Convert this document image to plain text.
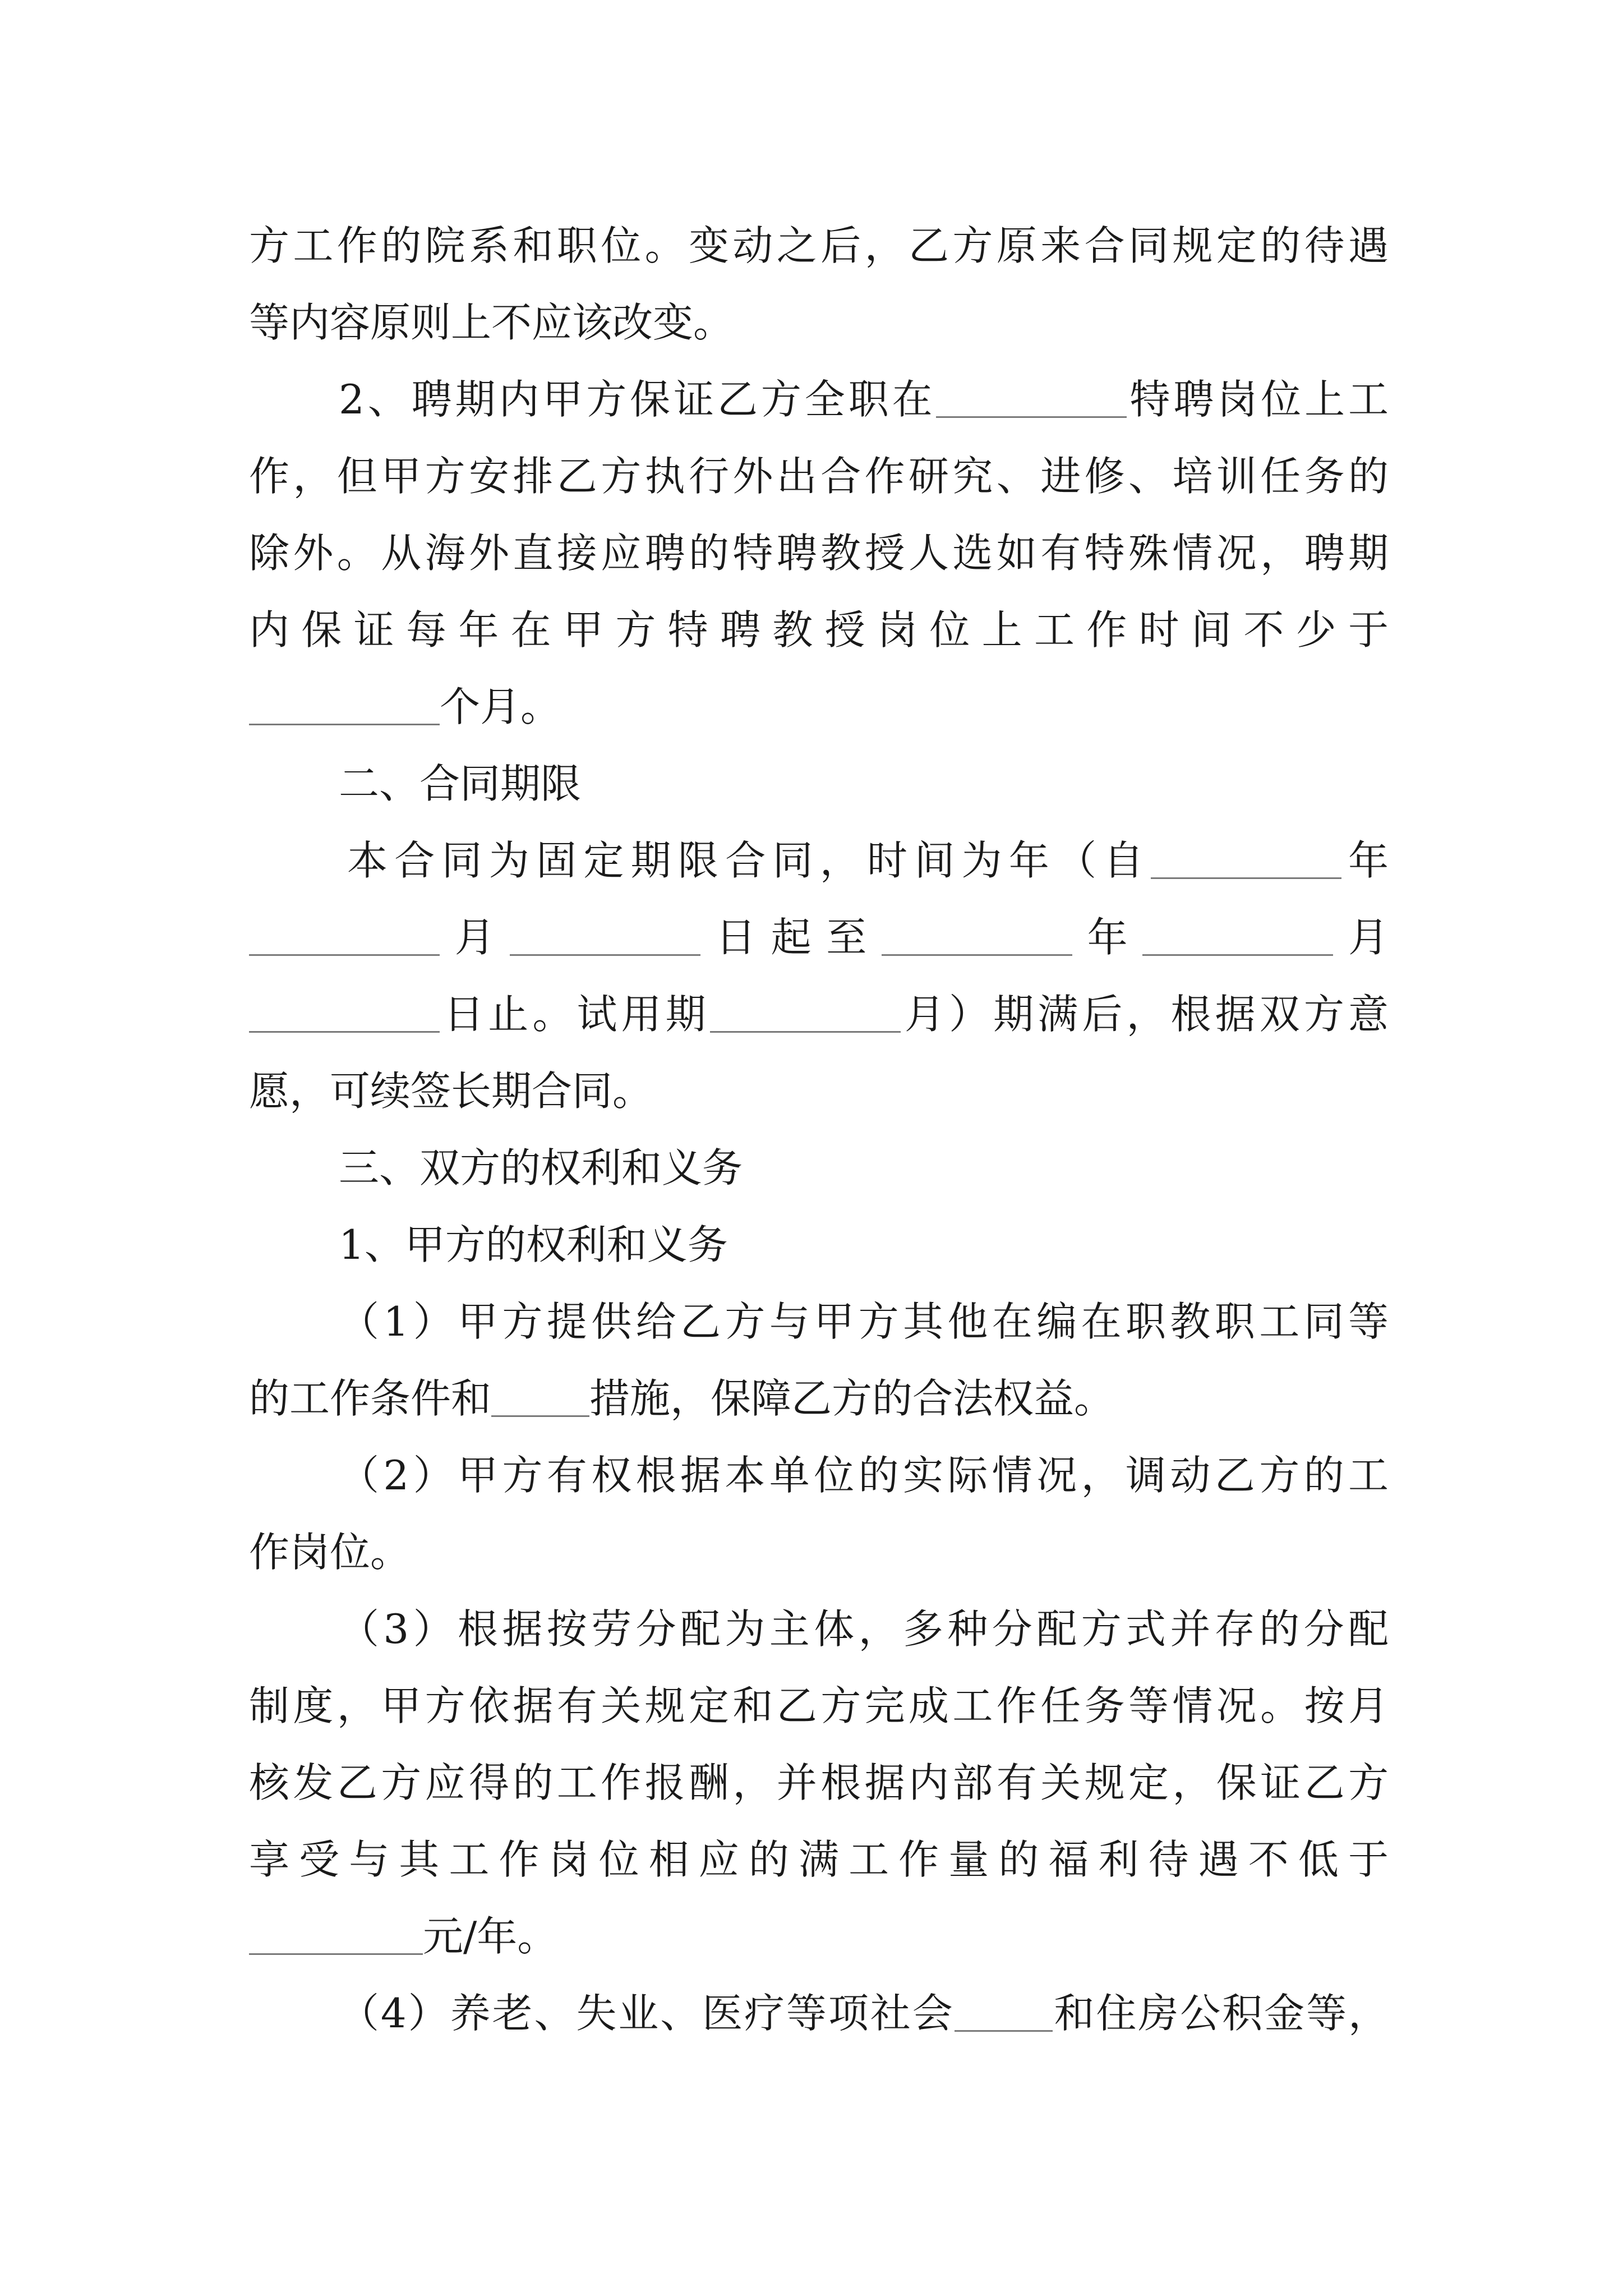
方工作的院系和职位。变动之后，乙方原来合同规定的待遇
等内容原则上不应该改变。
2、聘期内甲方保证乙方全职在	特聘岗位上工
作，但甲方安排乙方执行外出合作研究、进修、培训任务的
除外。从海外直接应聘的特聘教授人选如有特殊情况，聘期
内保证每年在甲方特聘教授岗位上工作时间不少于
个月。
二、合同期限
本合同为固定期限合同，时间为年（自	年
月	日起至	年	月
日止。试用期	月）期满后，根据双方意
愿，可续签长期合同。
三、双方的权利和义务
1、甲方的权利和义务
（1）甲方提供给乙方与甲方其他在编在职教职工同等
的工作条件和 措施，保障乙方的合法权益。
（2）甲方有权根据本单位的实际情况，调动乙方的工
作岗位。
（3）根据按劳分配为主体，多种分配方式并存的分配
制度，甲方依据有关规定和乙方完成工作任务等情况。按月
核发乙方应得的工作报酬，并根据内部有关规定，保证乙方
享受与其工作岗位相应的满工作量的福利待遇不低于
元/年。
（4）养老、失业、医疗等项社会 和住房公积金等，
